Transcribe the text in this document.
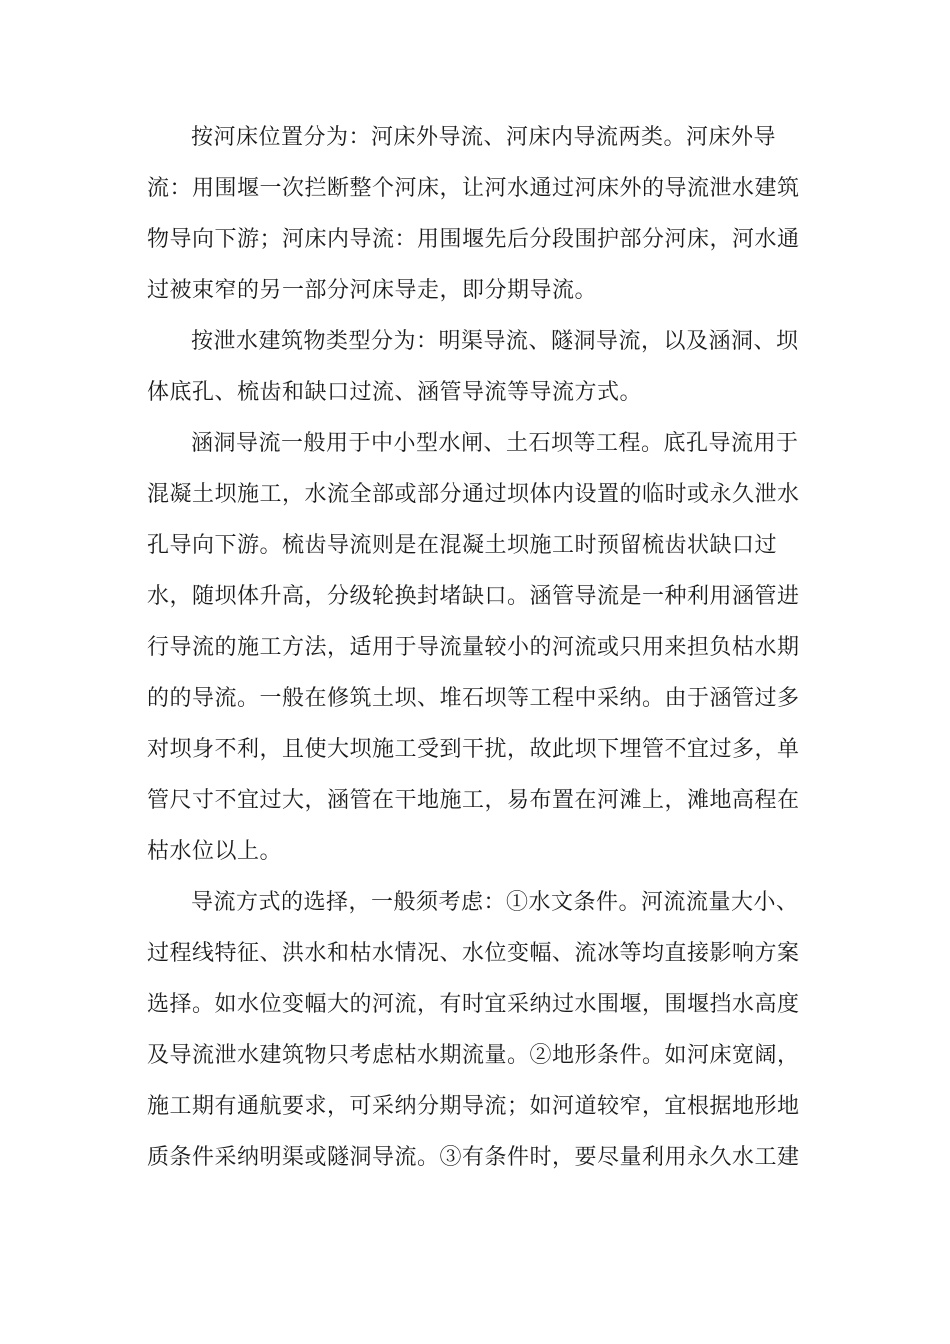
按河床位置分为：河床外导流、河床内导流两类。河床外导
流：用围堰一次拦断整个河床，让河水通过河床外的导流泄水建筑
物导向下游；河床内导流：用围堰先后分段围护部分河床，河水通
过被束窄的另一部分河床导走，即分期导流。
按泄水建筑物类型分为：明渠导流、隧洞导流，以及涵洞、坝
体底孔、梳齿和缺口过流、涵管导流等导流方式。
涵洞导流一般用于中小型水闸、土石坝等工程。底孔导流用于
混凝土坝施工，水流全部或部分通过坝体内设置的临时或永久泄水
孔导向下游。梳齿导流则是在混凝土坝施工时预留梳齿状缺口过
水，随坝体升高，分级轮换封堵缺口。涵管导流是一种利用涵管进
行导流的施工方法，适用于导流量较小的河流或只用来担负枯水期
的的导流。一般在修筑土坝、堆石坝等工程中采纳。由于涵管过多
对坝身不利，且使大坝施工受到干扰，故此坝下埋管不宜过多，单
管尺寸不宜过大，涵管在干地施工，易布置在河滩上，滩地高程在
枯水位以上。
导流方式的选择，一般须考虑：①水文条件。河流流量大小、
过程线特征、洪水和枯水情况、水位变幅、流冰等均直接影响方案
选择。如水位变幅大的河流，有时宜采纳过水围堰，围堰挡水高度
及导流泄水建筑物只考虑枯水期流量。②地形条件。如河床宽阔，
施工期有通航要求，可采纳分期导流；如河道较窄，宜根据地形地
质条件采纳明渠或隧洞导流。③有条件时，要尽量利用永久水工建
